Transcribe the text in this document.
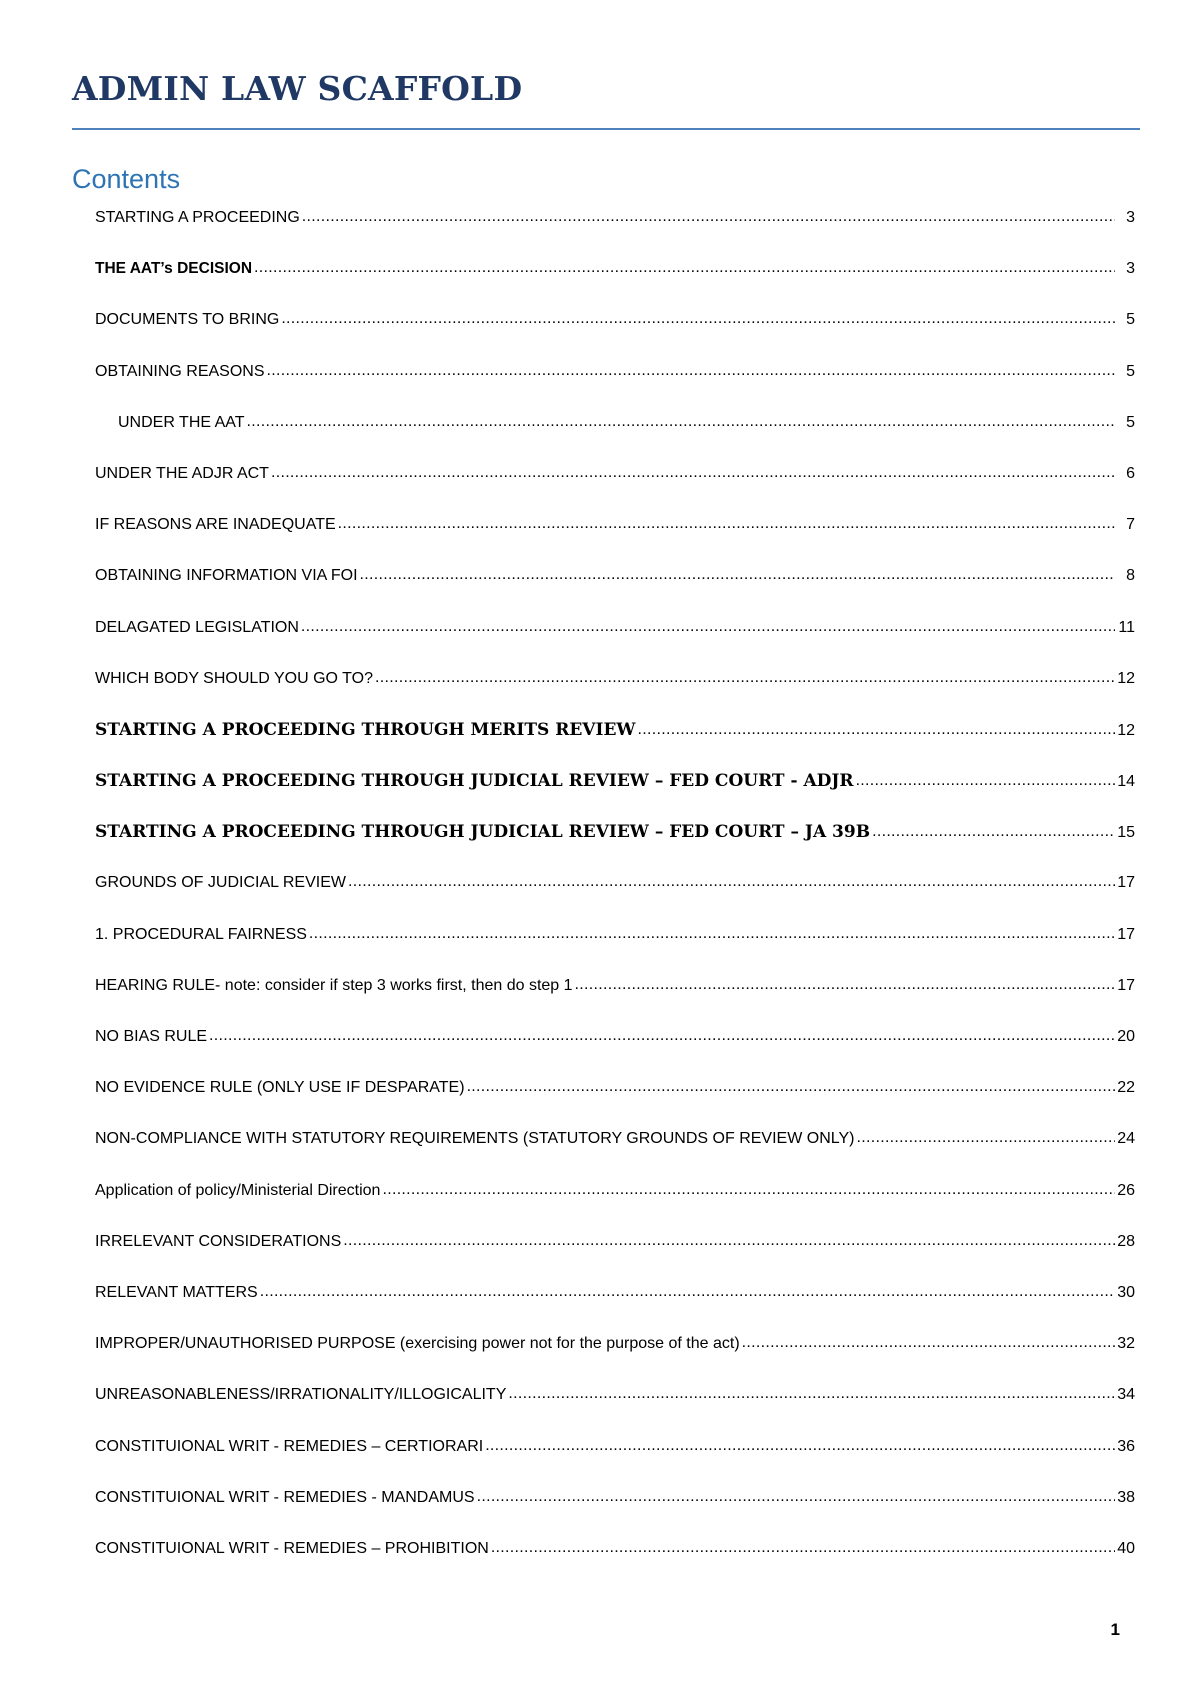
ADMIN LAW SCAFFOLD
Contents
STARTING A PROCEEDING .....	3
THE AAT’s DECISION .....	3
DOCUMENTS TO BRING .....	5
OBTAINING REASONS .....	5
UNDER THE AAT .....	5
UNDER THE ADJR ACT .....	6
IF REASONS ARE INADEQUATE .....	7
OBTAINING INFORMATION VIA FOI .....	8
DELAGATED LEGISLATION .....	11
WHICH BODY SHOULD YOU GO TO? .....	12
STARTING A PROCEEDING THROUGH MERITS REVIEW .....	12
STARTING A PROCEEDING THROUGH JUDICIAL REVIEW – FED COURT - ADJR .....	14
STARTING A PROCEEDING THROUGH JUDICIAL REVIEW – FED COURT – JA 39B .....	15
GROUNDS OF JUDICIAL REVIEW .....	17
1. PROCEDURAL FAIRNESS .....	17
HEARING RULE- note: consider if step 3 works first, then do step 1 .....	17
NO BIAS RULE .....	20
NO EVIDENCE RULE (ONLY USE IF DESPARATE) .....	22
NON-COMPLIANCE WITH STATUTORY REQUIREMENTS (STATUTORY GROUNDS OF REVIEW ONLY) .....	24
Application of policy/Ministerial Direction .....	26
IRRELEVANT CONSIDERATIONS .....	28
RELEVANT MATTERS .....	30
IMPROPER/UNAUTHORISED PURPOSE (exercising power not for the purpose of the act) .....	32
UNREASONABLENESS/IRRATIONALITY/ILLOGICALITY .....	34
CONSTITUIONAL WRIT - REMEDIES – CERTIORARI .....	36
CONSTITUIONAL WRIT - REMEDIES - MANDAMUS .....	38
CONSTITUIONAL WRIT - REMEDIES – PROHIBITION .....	40
1
